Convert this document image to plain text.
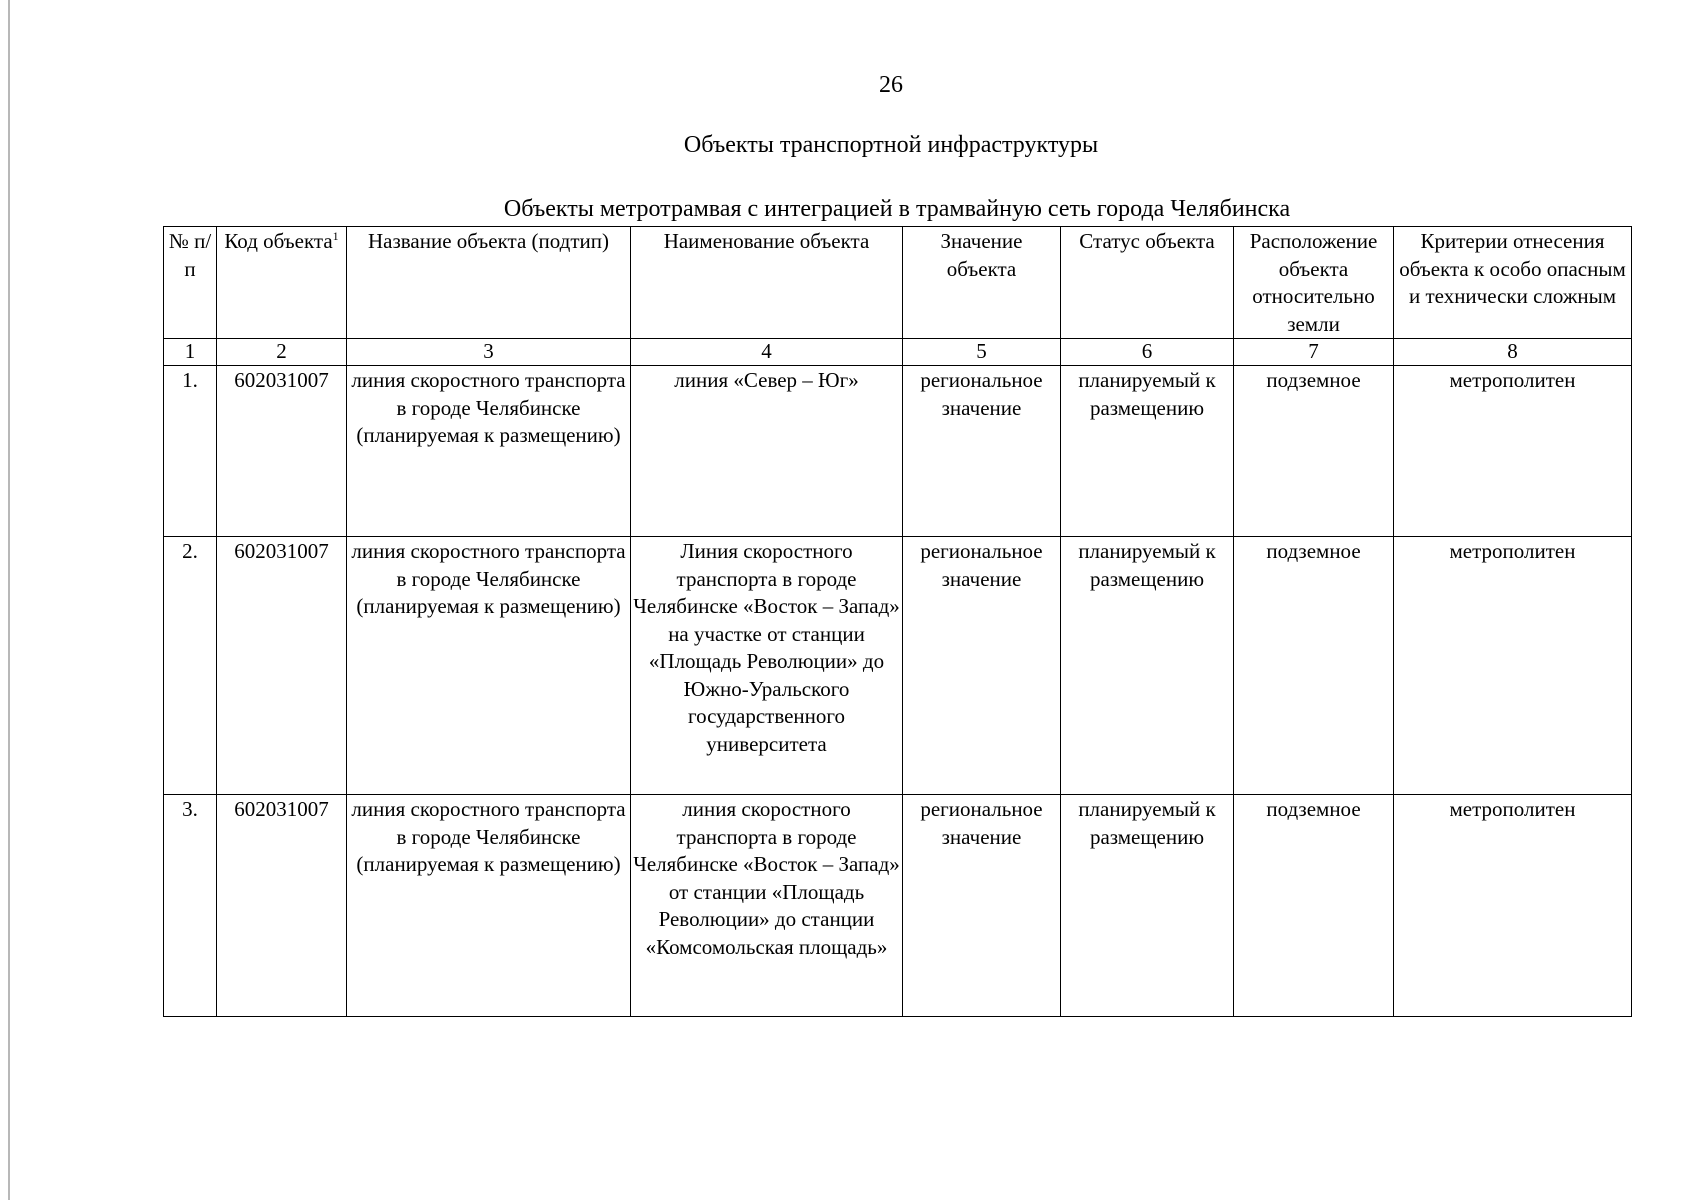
26
Объекты транспортной инфраструктуры
Объекты метротрамвая с интеграцией в трамвайную сеть города Челябинска
№ п/п	Код объекта$^1$	Название объекта (подтип)	Наименование объекта	Значение объекта	Статус объекта	Расположение объекта относительно земли	Критерии отнесения объекта к особо опасным и технически сложным
1	2	3	4	5	6	7	8
1.	602031007	линия скоростного транспорта в городе Челябинске (планируемая к размещению)	линия «Север – Юг»	региональное значение	планируемый к размещению	подземное	метрополитен
2.	602031007	линия скоростного транспорта в городе Челябинске (планируемая к размещению)	Линия скоростного транспорта в городе Челябинске «Восток – Запад» на участке от станции «Площадь Революции» до Южно-Уральского государственного университета	региональное значение	планируемый к размещению	подземное	метрополитен
3.	602031007	линия скоростного транспорта в городе Челябинске (планируемая к размещению)	линия скоростного транспорта в городе Челябинске «Восток – Запад» от станции «Площадь Революции» до станции «Комсомольская площадь»	региональное значение	планируемый к размещению	подземное	метрополитен
